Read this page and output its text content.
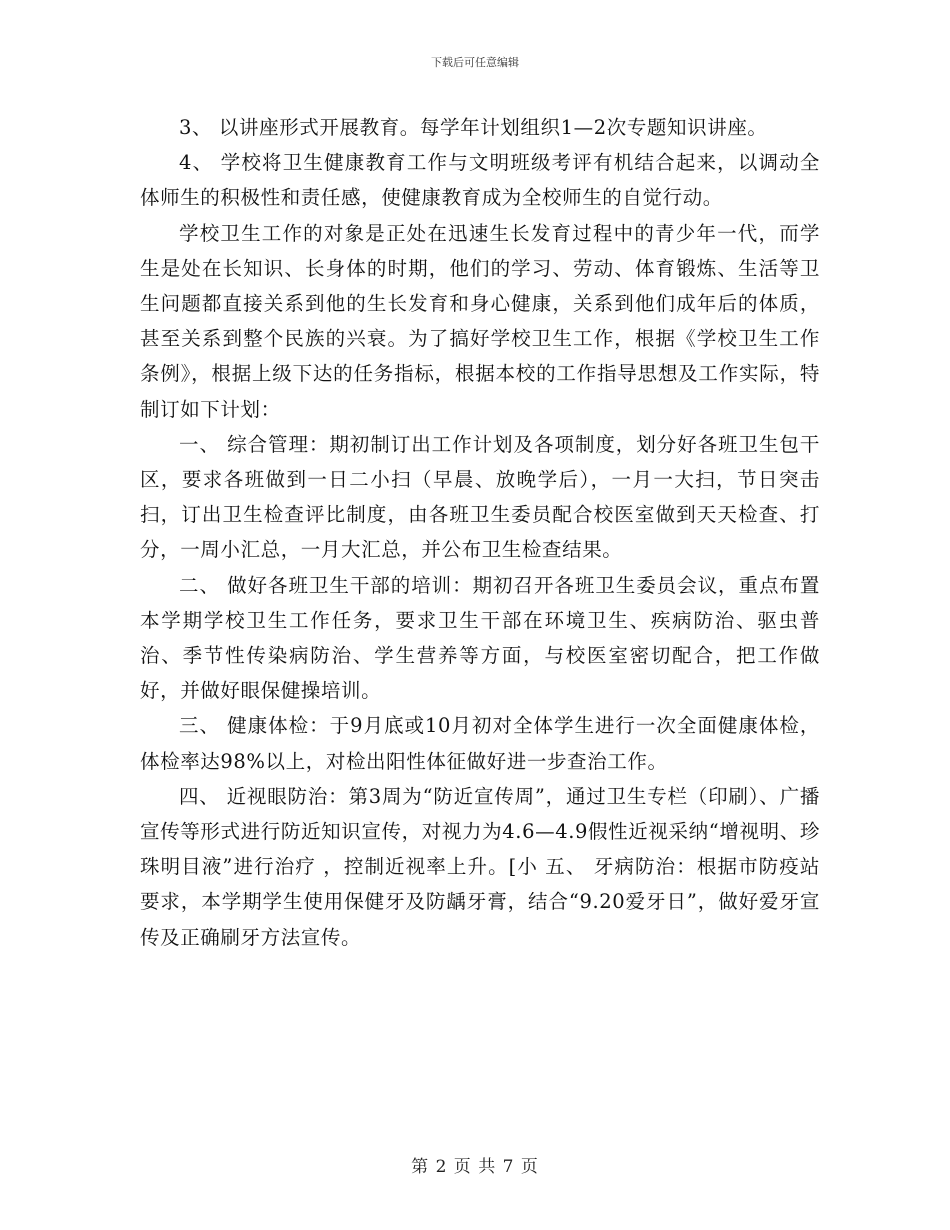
下载后可任意编辑

3、 以讲座形式开展教育。每学年计划组织1—2次专题知识讲座。

4、 学校将卫生健康教育工作与文明班级考评有机结合起来，以调动全体师生的积极性和责任感，使健康教育成为全校师生的自觉行动。

学校卫生工作的对象是正处在迅速生长发育过程中的青少年一代，而学生是处在长知识、长身体的时期，他们的学习、劳动、体育锻炼、生活等卫生问题都直接关系到他的生长发育和身心健康，关系到他们成年后的体质，甚至关系到整个民族的兴衰。为了搞好学校卫生工作，根据《学校卫生工作条例》，根据上级下达的任务指标，根据本校的工作指导思想及工作实际，特制订如下计划：

一、 综合管理：期初制订出工作计划及各项制度，划分好各班卫生包干区，要求各班做到一日二小扫（早晨、放晚学后），一月一大扫，节日突击扫，订出卫生检查评比制度，由各班卫生委员配合校医室做到天天检查、打分，一周小汇总，一月大汇总，并公布卫生检查结果。

二、 做好各班卫生干部的培训：期初召开各班卫生委员会议，重点布置本学期学校卫生工作任务，要求卫生干部在环境卫生、疾病防治、驱虫普治、季节性传染病防治、学生营养等方面，与校医室密切配合，把工作做好，并做好眼保健操培训。

三、 健康体检：于9月底或10月初对全体学生进行一次全面健康体检，体检率达98%以上，对检出阳性体征做好进一步查治工作。

四、 近视眼防治：第3周为“防近宣传周”，通过卫生专栏（印刷）、广播宣传等形式进行防近知识宣传，对视力为4.6—4.9假性近视采纳“增视明、珍珠明目液”进行治疗 ，控制近视率上升。[小 五、 牙病防治：根据市防疫站要求，本学期学生使用保健牙及防龋牙膏，结合“9.20爱牙日”，做好爱牙宣传及正确刷牙方法宣传。

第 2 页 共 7 页
